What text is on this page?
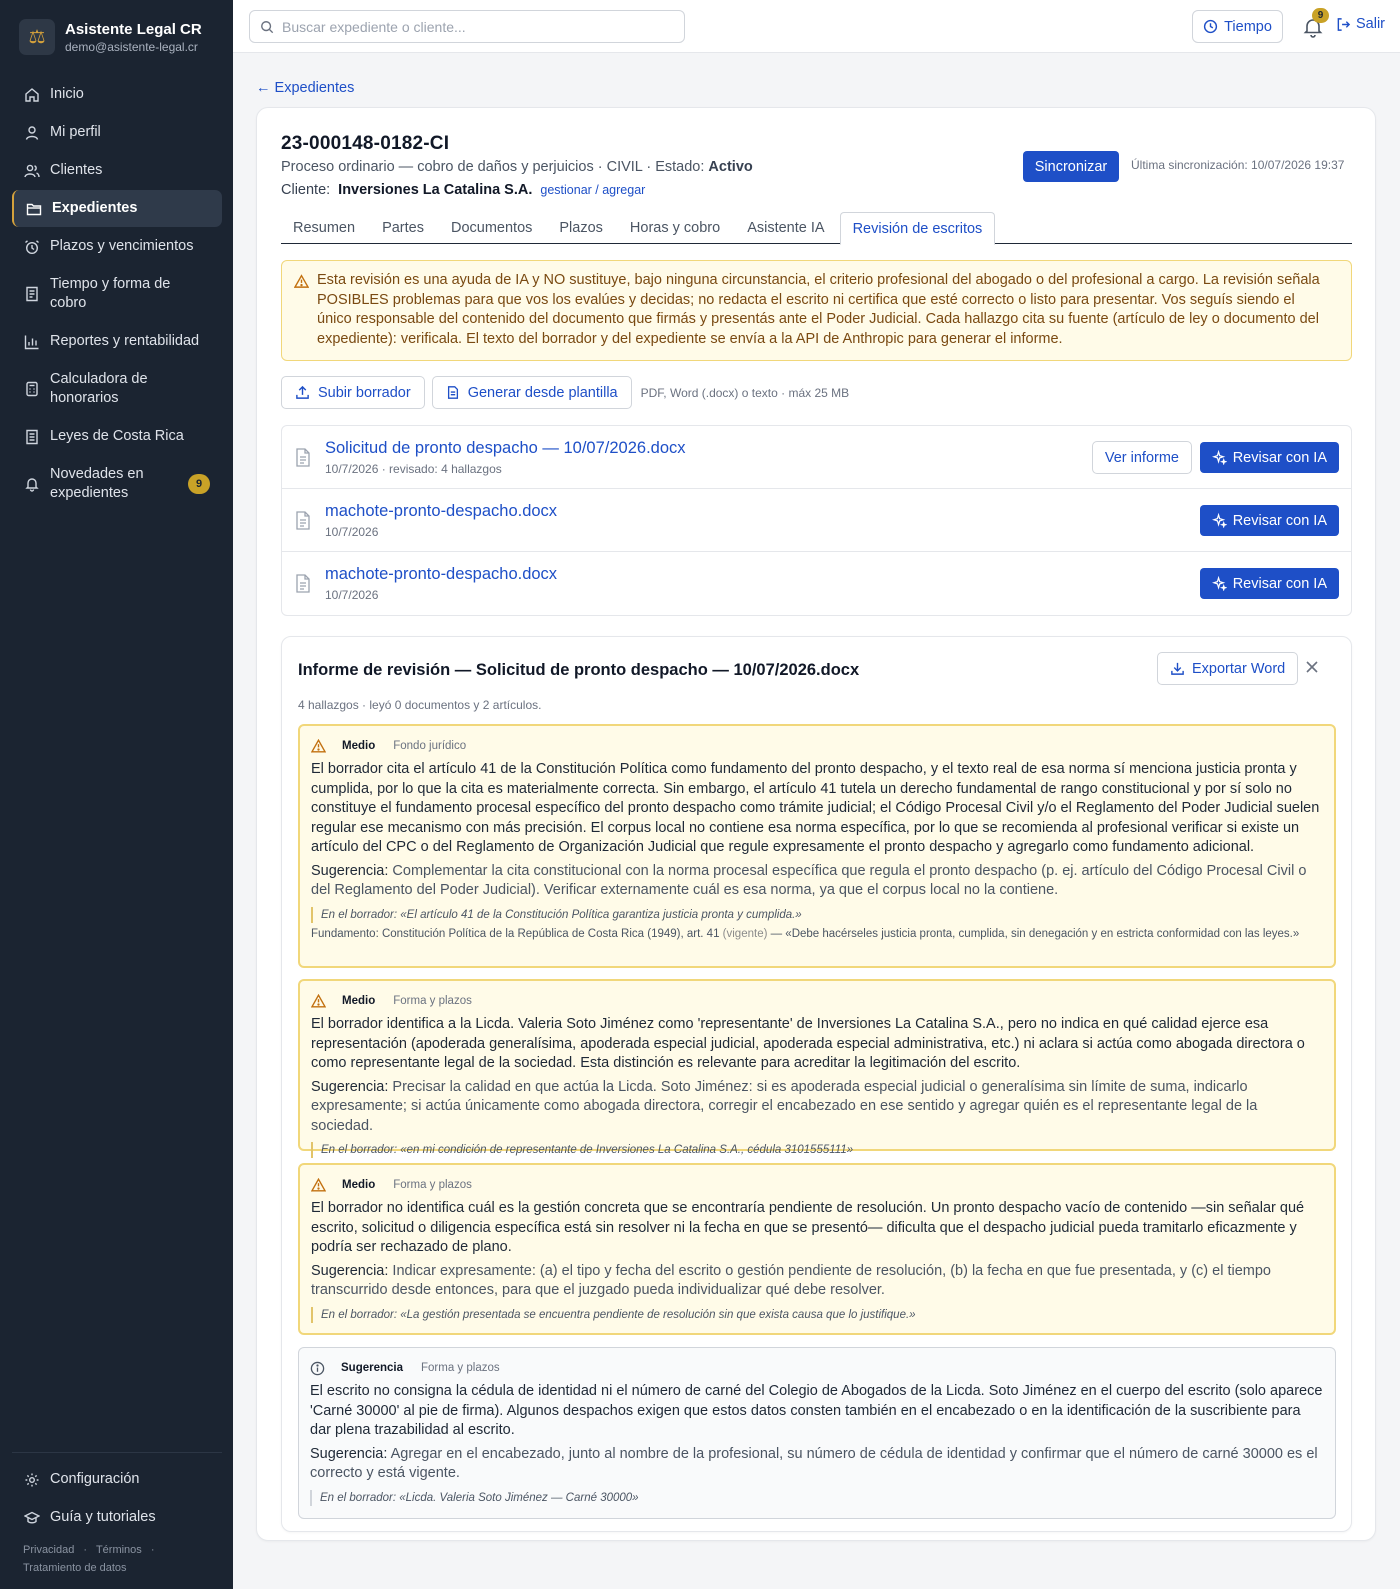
⚖	Asistente Legal CR
demo@asistente-legal.cr
Inicio
Mi perfil
Clientes
Expedientes
Plazos y vencimientos
Tiempo y forma de cobro
Reportes y rentabilidad
Calculadora de honorarios
Leyes de Costa Rica
Novedades en expedientes
9
Configuración
Guía y tutoriales
Privacidad · Términos ·
Tratamiento de datos
Buscar expediente o cliente...
Tiempo
9
Salir
← Expedientes
23-000148-0182-CI
Proceso ordinario — cobro de daños y perjuicios · CIVIL · Estado: Activo
Cliente: Inversiones La Catalina S.A. gestionar / agregar
Sincronizar	Última sincronización: 10/07/2026 19:37
Resumen	Partes	Documentos	Plazos	Horas y cobro	Asistente IA	Revisión de escritos
Esta revisión es una ayuda de IA y NO sustituye, bajo ninguna circunstancia, el criterio profesional del abogado o del profesional a cargo. La revisión señala POSIBLES problemas para que vos los evalúes y decidas; no redacta el escrito ni certifica que esté correcto o listo para presentar. Vos seguís siendo el único responsable del contenido del documento que firmás y presentás ante el Poder Judicial. Cada hallazgo cita su fuente (artículo de ley o documento del expediente): verificala. El texto del borrador y del expediente se envía a la API de Anthropic para generar el informe.
Subir borrador	Generar desde plantilla PDF, Word (.docx) o texto · máx 25 MB
Solicitud de pronto despacho — 10/07/2026.docx
10/7/2026 · revisado: 4 hallazgos
Ver informe	Revisar con IA
machote-pronto-despacho.docx
10/7/2026
Revisar con IA
machote-pronto-despacho.docx
10/7/2026
Revisar con IA
Informe de revisión — Solicitud de pronto despacho — 10/07/2026.docx	Exportar Word
4 hallazgos · leyó 0 documentos y 2 artículos.
Medio Fondo jurídico
El borrador cita el artículo 41 de la Constitución Política como fundamento del pronto despacho, y el texto real de esa norma sí menciona justicia pronta y cumplida, por lo que la cita es materialmente correcta. Sin embargo, el artículo 41 tutela un derecho fundamental de rango constitucional y por sí solo no constituye el fundamento procesal específico del pronto despacho como trámite judicial; el Código Procesal Civil y/o el Reglamento del Poder Judicial suelen regular ese mecanismo con más precisión. El corpus local no contiene esa norma específica, por lo que se recomienda al profesional verificar si existe un artículo del CPC o del Reglamento de Organización Judicial que regule expresamente el pronto despacho y agregarlo como fundamento adicional.
Sugerencia: Complementar la cita constitucional con la norma procesal específica que regula el pronto despacho (p. ej. artículo del Código Procesal Civil o del Reglamento del Poder Judicial). Verificar externamente cuál es esa norma, ya que el corpus local no la contiene.
En el borrador: «El artículo 41 de la Constitución Política garantiza justicia pronta y cumplida.»
Fundamento: Constitución Política de la República de Costa Rica (1949), art. 41 (vigente) — «Debe hacérseles justicia pronta, cumplida, sin denegación y en estricta conformidad con las leyes.»
Medio Forma y plazos
El borrador identifica a la Licda. Valeria Soto Jiménez como 'representante' de Inversiones La Catalina S.A., pero no indica en qué calidad ejerce esa representación (apoderada generalísima, apoderada especial judicial, apoderada especial administrativa, etc.) ni aclara si actúa como abogada directora o como representante legal de la sociedad. Esta distinción es relevante para acreditar la legitimación del escrito.
Sugerencia: Precisar la calidad en que actúa la Licda. Soto Jiménez: si es apoderada especial judicial o generalísima sin límite de suma, indicarlo expresamente; si actúa únicamente como abogada directora, corregir el encabezado en ese sentido y agregar quién es el representante legal de la sociedad.
En el borrador: «en mi condición de representante de Inversiones La Catalina S.A., cédula 3101555111»
Medio Forma y plazos
El borrador no identifica cuál es la gestión concreta que se encontraría pendiente de resolución. Un pronto despacho vacío de contenido —sin señalar qué escrito, solicitud o diligencia específica está sin resolver ni la fecha en que se presentó— dificulta que el despacho judicial pueda tramitarlo eficazmente y podría ser rechazado de plano.
Sugerencia: Indicar expresamente: (a) el tipo y fecha del escrito o gestión pendiente de resolución, (b) la fecha en que fue presentada, y (c) el tiempo transcurrido desde entonces, para que el juzgado pueda individualizar qué debe resolver.
En el borrador: «La gestión presentada se encuentra pendiente de resolución sin que exista causa que lo justifique.»
Sugerencia Forma y plazos
El escrito no consigna la cédula de identidad ni el número de carné del Colegio de Abogados de la Licda. Soto Jiménez en el cuerpo del escrito (solo aparece 'Carné 30000' al pie de firma). Algunos despachos exigen que estos datos consten también en el encabezado o en la identificación de la suscribiente para dar plena trazabilidad al escrito.
Sugerencia: Agregar en el encabezado, junto al nombre de la profesional, su número de cédula de identidad y confirmar que el número de carné 30000 es el correcto y está vigente.
En el borrador: «Licda. Valeria Soto Jiménez — Carné 30000»
